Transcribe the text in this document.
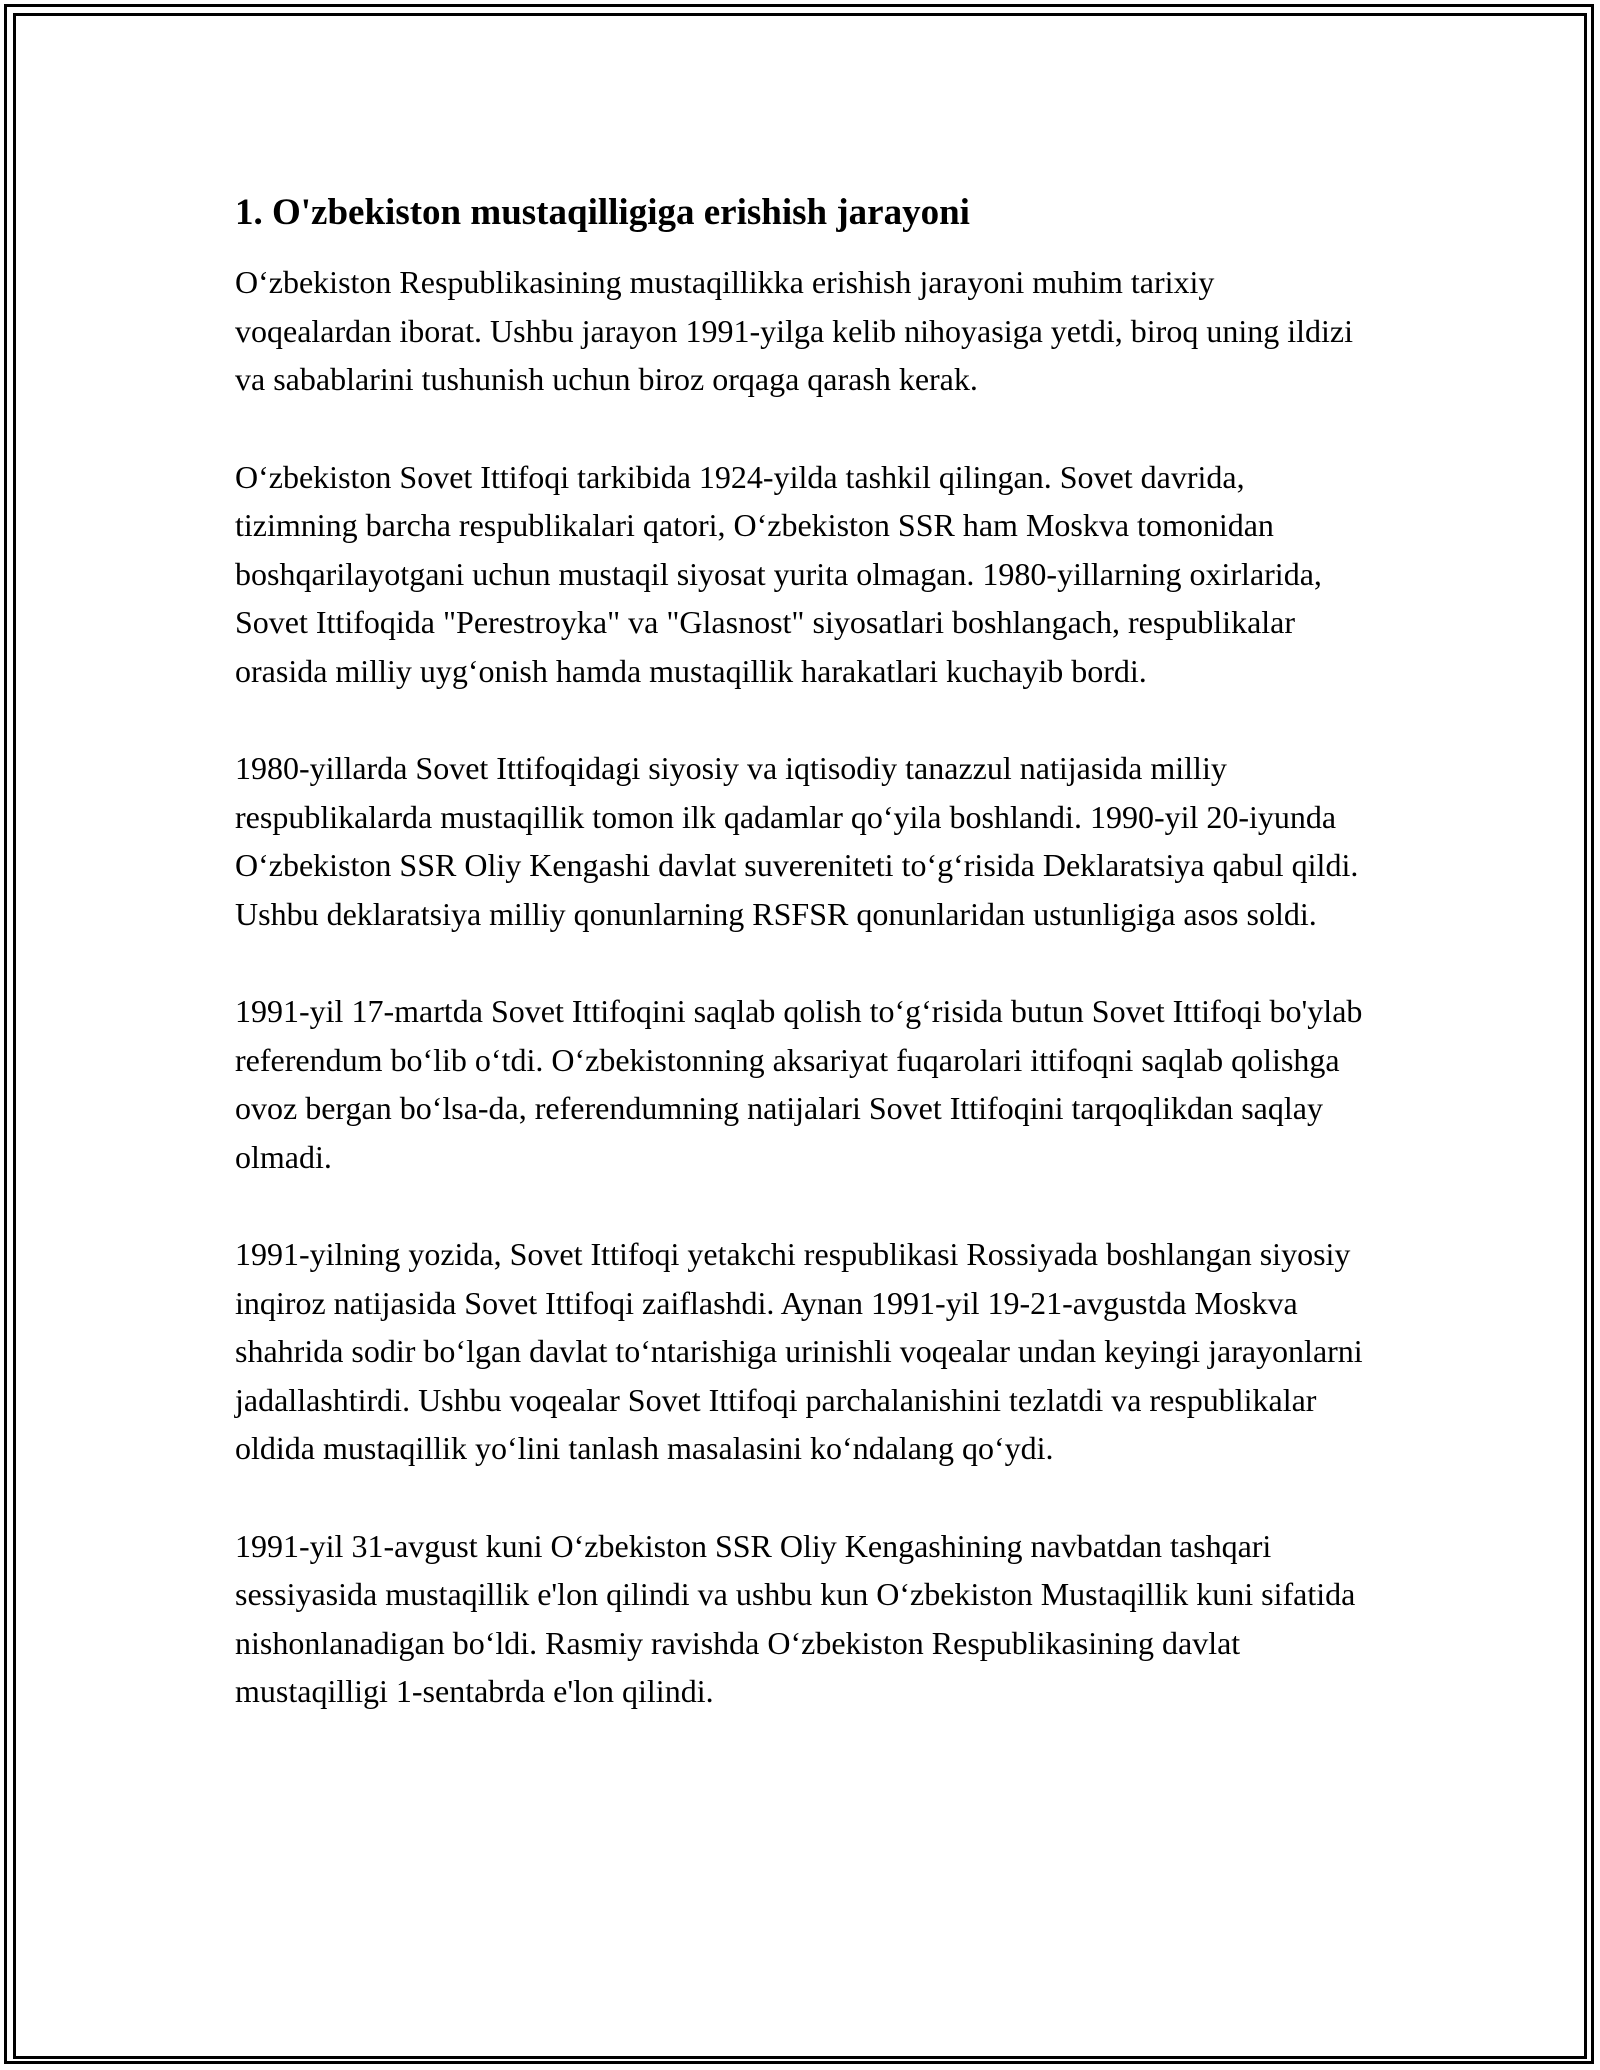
1. O'zbekiston mustaqilligiga erishish jarayoni

O‘zbekiston Respublikasining mustaqillikka erishish jarayoni muhim tarixiy voqealardan iborat. Ushbu jarayon 1991-yilga kelib nihoyasiga yetdi, biroq uning ildizi va sabablarini tushunish uchun biroz orqaga qarash kerak.

O‘zbekiston Sovet Ittifoqi tarkibida 1924-yilda tashkil qilingan. Sovet davrida, tizimning barcha respublikalari qatori, O‘zbekiston SSR ham Moskva tomonidan boshqarilayotgani uchun mustaqil siyosat yurita olmagan. 1980-yillarning oxirlarida, Sovet Ittifoqida "Perestroyka" va "Glasnost" siyosatlari boshlangach, respublikalar orasida milliy uyg‘onish hamda mustaqillik harakatlari kuchayib bordi.

1980-yillarda Sovet Ittifoqidagi siyosiy va iqtisodiy tanazzul natijasida milliy respublikalarda mustaqillik tomon ilk qadamlar qo‘yila boshlandi. 1990-yil 20-iyunda O‘zbekiston SSR Oliy Kengashi davlat suvereniteti to‘g‘risida Deklaratsiya qabul qildi. Ushbu deklaratsiya milliy qonunlarning RSFSR qonunlaridan ustunligiga asos soldi.

1991-yil 17-martda Sovet Ittifoqini saqlab qolish to‘g‘risida butun Sovet Ittifoqi bo'ylab referendum bo‘lib o‘tdi. O‘zbekistonning aksariyat fuqarolari ittifoqni saqlab qolishga ovoz bergan bo‘lsa-da, referendumning natijalari Sovet Ittifoqini tarqoqlikdan saqlay olmadi.

1991-yilning yozida, Sovet Ittifoqi yetakchi respublikasi Rossiyada boshlangan siyosiy inqiroz natijasida Sovet Ittifoqi zaiflashdi. Aynan 1991-yil 19-21-avgustda Moskva shahrida sodir bo‘lgan davlat to‘ntarishiga urinishli voqealar undan keyingi jarayonlarni jadallashtirdi. Ushbu voqealar Sovet Ittifoqi parchalanishini tezlatdi va respublikalar oldida mustaqillik yo‘lini tanlash masalasini ko‘ndalang qo‘ydi.

1991-yil 31-avgust kuni O‘zbekiston SSR Oliy Kengashining navbatdan tashqari sessiyasida mustaqillik e'lon qilindi va ushbu kun O‘zbekiston Mustaqillik kuni sifatida nishonlanadigan bo‘ldi. Rasmiy ravishda O‘zbekiston Respublikasining davlat mustaqilligi 1-sentabrda e'lon qilindi.
